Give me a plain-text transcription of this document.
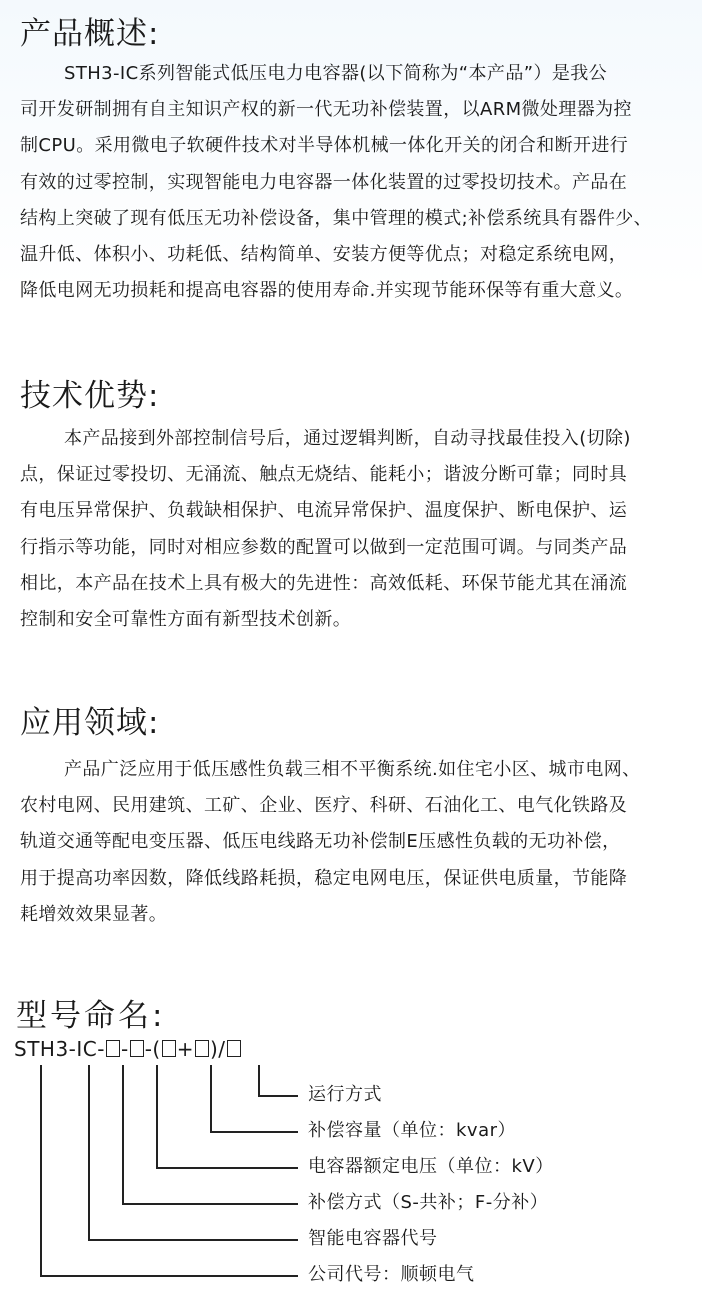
产品概述:

STH3-IC系列智能式低压电力电容器(以下简称为“本产品”）是我公
司开发研制拥有自主知识产权的新一代无功补偿装置，以ARM微处理器为控
制CPU。采用微电子软硬件技术对半导体机械一体化开关的闭合和断开进行
有效的过零控制，实现智能电力电容器一体化装置的过零投切技术。产品在
结构上突破了现有低压无功补偿设备，集中管理的模式;补偿系统具有器件少、
温升低、体积小、功耗低、结构简单、安装方便等优点；对稳定系统电网，
降低电网无功损耗和提高电容器的使用寿命.并实现节能环保等有重大意义。

技术优势:

本产品接到外部控制信号后，通过逻辑判断，自动寻找最佳投入(切除)
点，保证过零投切、无涌流、触点无烧结、能耗小；谐波分断可靠；同时具
有电压异常保护、负载缺相保护、电流异常保护、温度保护、断电保护、运
行指示等功能，同时对相应参数的配置可以做到一定范围可调。与同类产品
相比，本产品在技术上具有极大的先进性：高效低耗、环保节能尤其在涌流
控制和安全可靠性方面有新型技术创新。

应用领域:

产品广泛应用于低压感性负载三相不平衡系统.如住宅小区、城市电网、
农村电网、民用建筑、工矿、企业、医疗、科研、石油化工、电气化铁路及
轨道交通等配电变压器、低压电线路无功补偿制E压感性负载的无功补偿，
用于提高功率因数，降低线路耗损，稳定电网电压，保证供电质量，节能降
耗增效效果显著。

型号命名:
STH3-IC- - -( + )/
运行方式
补偿容量（单位：kvar）
电容器额定电压（单位：kV）
补偿方式（S-共补；F-分补）
智能电容器代号
公司代号：顺顿电气
